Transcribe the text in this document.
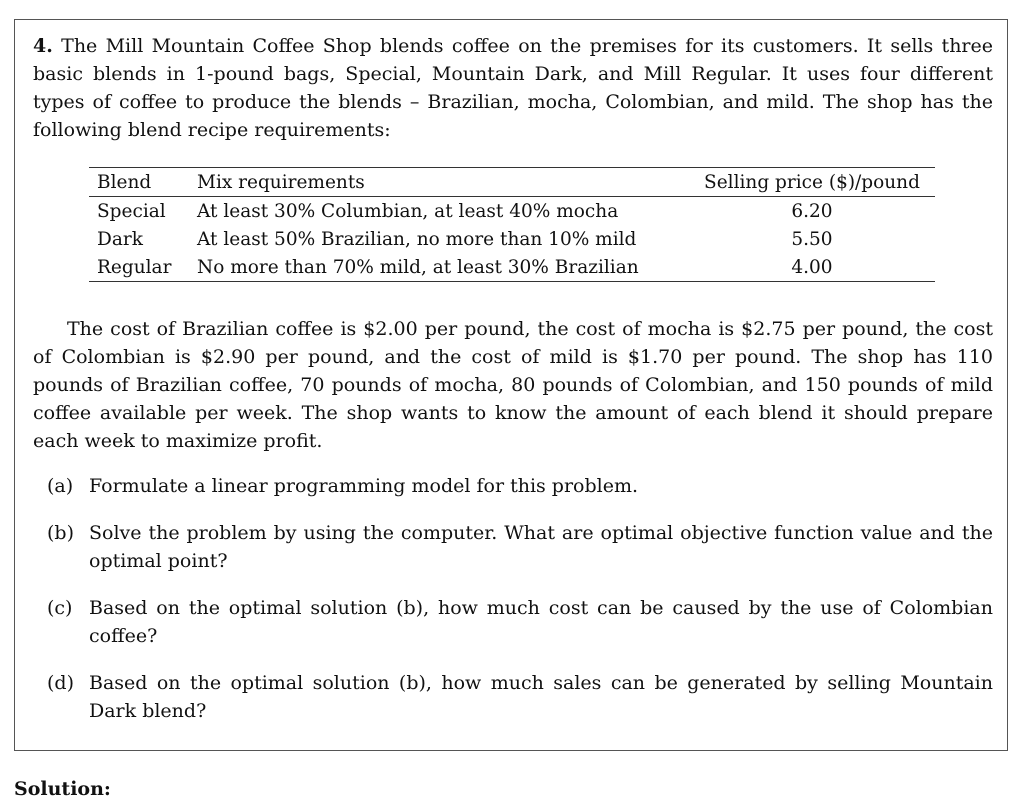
4. The Mill Mountain Coffee Shop blends coffee on the premises for its customers. It sells three basic blends in 1-pound bags, Special, Mountain Dark, and Mill Regular. It uses four different types of coffee to produce the blends – Brazilian, mocha, Colombian, and mild. The shop has the following blend recipe requirements:

Blend	Mix requirements	Selling price ($)/pound
Special	At least 30% Columbian, at least 40% mocha	6.20
Dark	At least 50% Brazilian, no more than 10% mild	5.50
Regular	No more than 70% mild, at least 30% Brazilian	4.00

The cost of Brazilian coffee is $2.00 per pound, the cost of mocha is $2.75 per pound, the cost of Colombian is $2.90 per pound, and the cost of mild is $1.70 per pound. The shop has 110 pounds of Brazilian coffee, 70 pounds of mocha, 80 pounds of Colombian, and 150 pounds of mild coffee available per week. The shop wants to know the amount of each blend it should prepare each week to maximize profit.

(a) Formulate a linear programming model for this problem.
(b) Solve the problem by using the computer. What are optimal objective function value and the optimal point?
(c) Based on the optimal solution (b), how much cost can be caused by the use of Colombian coffee?
(d) Based on the optimal solution (b), how much sales can be generated by selling Mountain Dark blend?
Solution:
